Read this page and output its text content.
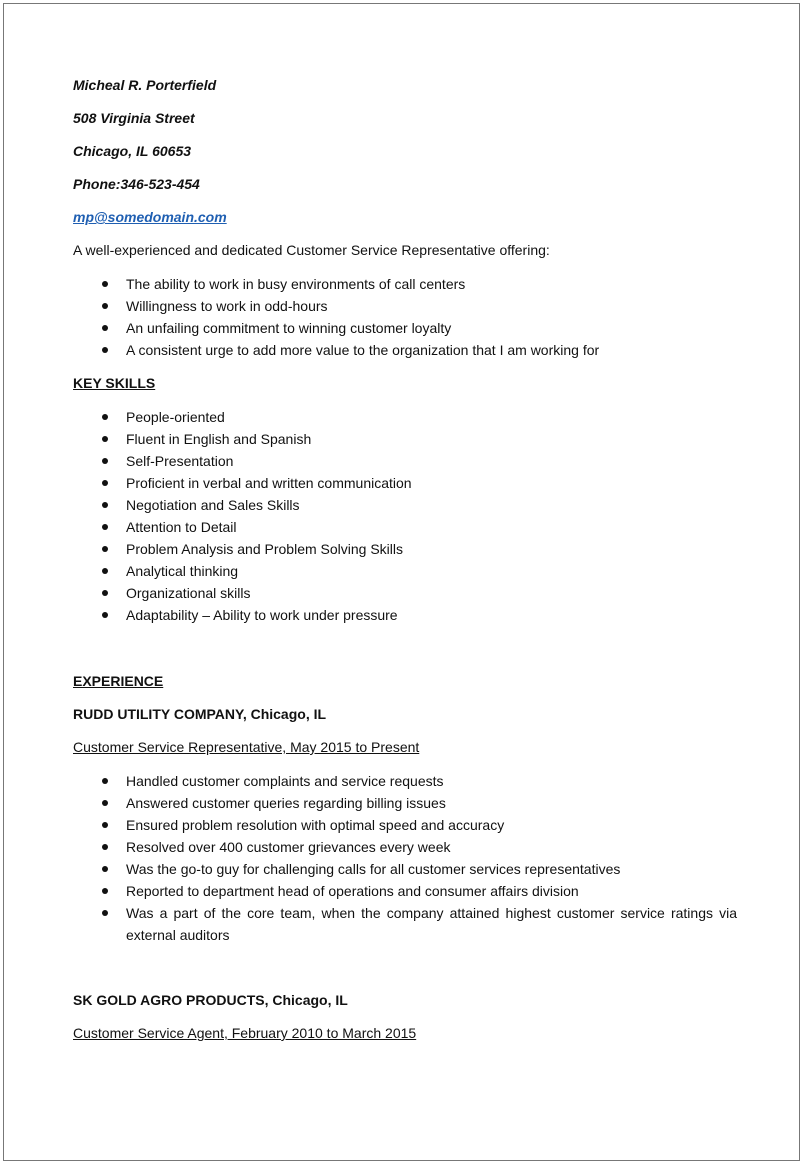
Micheal R. Porterfield
508 Virginia Street
Chicago, IL 60653
Phone:346-523-454
mp@somedomain.com
A well-experienced and dedicated Customer Service Representative offering:
The ability to work in busy environments of call centers
Willingness to work in odd-hours
An unfailing commitment to winning customer loyalty
A consistent urge to add more value to the organization that I am working for
KEY SKILLS
People-oriented
Fluent in English and Spanish
Self-Presentation
Proficient in verbal and written communication
Negotiation and Sales Skills
Attention to Detail
Problem Analysis and Problem Solving Skills
Analytical thinking
Organizational skills
Adaptability – Ability to work under pressure
EXPERIENCE
RUDD UTILITY COMPANY, Chicago, IL
Customer Service Representative, May 2015 to Present
Handled customer complaints and service requests
Answered customer queries regarding billing issues
Ensured problem resolution with optimal speed and accuracy
Resolved over 400 customer grievances every week
Was the go-to guy for challenging calls for all customer services representatives
Reported to department head of operations and consumer affairs division
Was a part of the core team, when the company attained highest customer service ratings via external auditors
SK GOLD AGRO PRODUCTS, Chicago, IL
Customer Service Agent, February 2010 to March 2015
